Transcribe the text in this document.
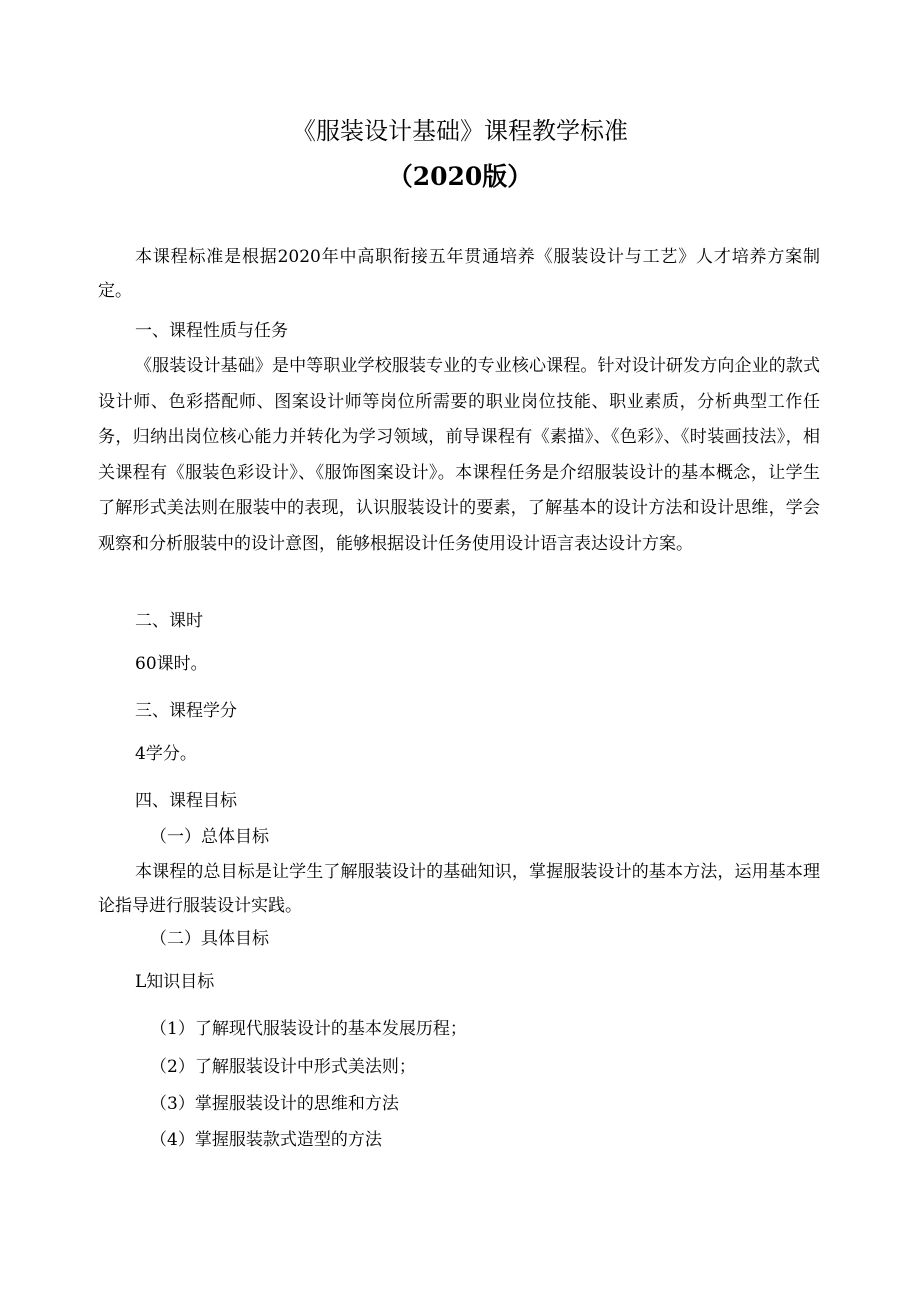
《服装设计基础》课程教学标准
（2020版）

本课程标准是根据2020年中高职衔接五年贯通培养《服装设计与工艺》人才培养方案制定。

一、课程性质与任务

《服装设计基础》是中等职业学校服装专业的专业核心课程。针对设计研发方向企业的款式设计师、色彩搭配师、图案设计师等岗位所需要的职业岗位技能、职业素质，分析典型工作任务，归纳出岗位核心能力并转化为学习领域，前导课程有《素描》、《色彩》、《时装画技法》，相关课程有《服装色彩设计》、《服饰图案设计》。本课程任务是介绍服装设计的基本概念，让学生了解形式美法则在服装中的表现，认识服装设计的要素，了解基本的设计方法和设计思维，学会观察和分析服装中的设计意图，能够根据设计任务使用设计语言表达设计方案。

二、课时
60课时。
三、课程学分
4学分。
四、课程目标
（一）总体目标

本课程的总目标是让学生了解服装设计的基础知识，掌握服装设计的基本方法，运用基本理论指导进行服装设计实践。

（二）具体目标
L知识目标
（1）了解现代服装设计的基本发展历程；
（2）了解服装设计中形式美法则；
（3）掌握服装设计的思维和方法
（4）掌握服装款式造型的方法
